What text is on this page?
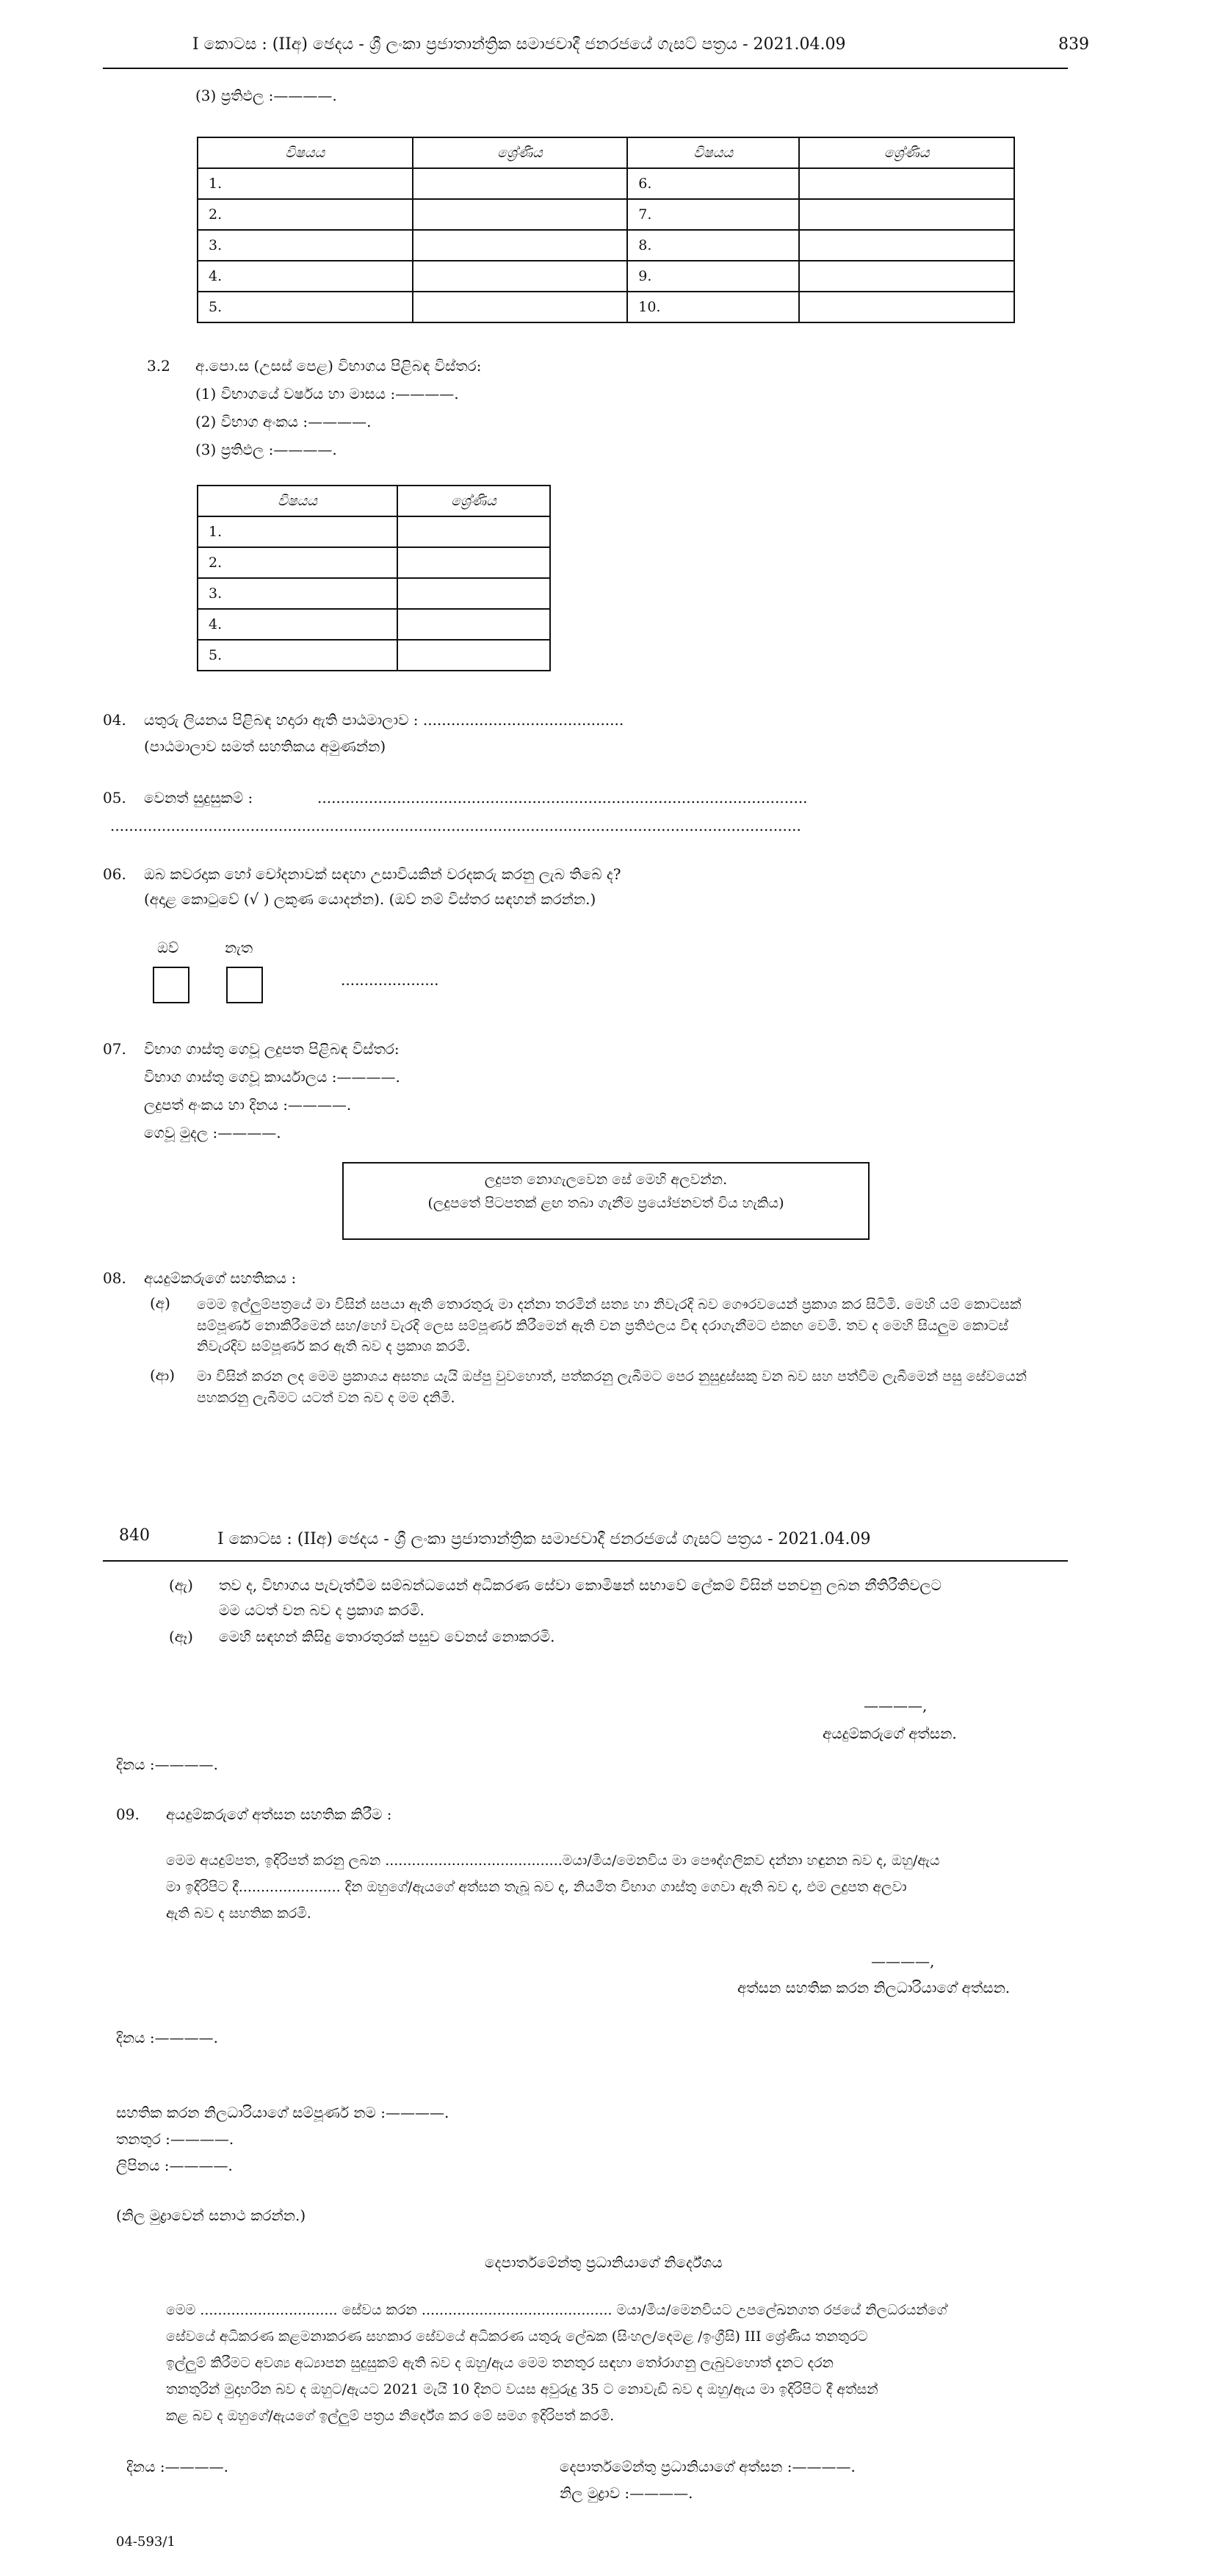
I කොටස : (IIඅ) ඡෙදය - ශ්‍රී ලංකා ප්‍රජාතාන්ත්‍රික සමාජවාදී ජනරජයේ ගැසට් පත්‍රය - 2021.04.09	839
(3) ප්‍රතිඵල :————.
විෂයය	ශ්‍රේණිය	විෂයය	ශ්‍රේණිය
1.		6.	
2.		7.	
3.		8.	
4.		9.	
5.		10.	
3.2 අ.පො.ස (උසස් පෙළ) විභාගය පිළිබඳ විස්තර:
(1) විභාගයේ වර්ෂය හා මාසය :————.
(2) විභාග අංකය :————.
(3) ප්‍රතිඵල :————.
විෂයය	ශ්‍රේණිය
1.	
2.	
3.	
4.	
5.	
04. යතුරු ලියනය පිළිබඳ හදාරා ඇති පාඨමාලාව : ...........................................
(පාඨමාලාව සමත් සහතිකය අමුණන්න)
05. වෙනත් සුදුසුකම් :	.........................................................................................................
....................................................................................................................................................
06. ඔබ කවරදාක හෝ චෝදනාවක් සඳහා උසාවියකින් වරදකරු කරනු ලැබ තිබේ ද?
(අදාළ කොටුවේ (√ ) ලකුණ යොදන්න). (ඔව් නම් විස්තර සඳහන් කරන්න.)
ඔව්	නැත
.....................
07. විභාග ගාස්තු ගෙවූ ලදුපත පිළිබඳ විස්තර:
විභාග ගාස්තු ගෙවූ කාර්යාලය :————.
ලදුපත් අංකය හා දිනය :————.
ගෙවූ මුදල :————.
ලදුපත නොගැලවෙන සේ මෙහි අලවන්න.
(ලදුපතේ පිටපතක් ළඟ තබා ගැනීම ප්‍රයෝජනවත් විය හැකිය)
08. අයදුම්කරුගේ සහතිකය :
(අ) මෙම ඉල්ලුම්පත්‍රයේ මා විසින් සපයා ඇති තොරතුරු මා දන්නා තරමින් සත්‍ය හා නිවැරදි බව ගෞරවයෙන් ප්‍රකාශ කර සිටිමි. මෙහි යම් කොටසක් සම්පූර්ණ නොකිරීමෙන් සහ/හෝ වැරදි ලෙස සම්පූර්ණ කිරීමෙන් ඇති වන ප්‍රතිඵලය විඳ දරාගැනීමට එකඟ වෙමි. තව ද මෙහි සියලුම කොටස් නිවැරදිව සම්පූර්ණ කර ඇති බව ද ප්‍රකාශ කරමි.
(ආ) මා විසින් කරන ලද මෙම ප්‍රකාශය අසත්‍ය යැයි ඔප්පු වුවහොත්, පත්කරනු ලැබීමට පෙර නුසුදුස්සකු වන බව සහ පත්වීම ලැබීමෙන් පසු සේවයෙන් පහකරනු ලැබීමට යටත් වන බව ද මම දනිමි.
840	I කොටස : (IIඅ) ඡෙදය - ශ්‍රී ලංකා ප්‍රජාතාන්ත්‍රික සමාජවාදී ජනරජයේ ගැසට් පත්‍රය - 2021.04.09
(ඇ) තව ද, විභාගය පැවැත්වීම සම්බන්ධයෙන් අධිකරණ සේවා කොමිෂන් සභාවේ ලේකම් විසින් පනවනු ලබන නීතිරීතිවලට
මම යටත් වන බව ද ප්‍රකාශ කරමි.
(ඈ) මෙහි සඳහන් කිසිදු තොරතුරක් පසුව වෙනස් නොකරමි.
————,
අයදුම්කරුගේ අත්සන.
දිනය :————.
09. අයදුම්කරුගේ අත්සන සහතික කිරීම :
මෙම අයදුම්පත, ඉදිරිපත් කරනු ලබන ........................................මයා/මිය/මෙනවිය මා පෞද්ගලිකව දන්නා හඳුනන බව ද, ඔහු/ඇය
මා ඉදිරිපිට දී....................... දින ඔහුගේ/ඇයගේ අත්සන තැබූ බව ද, නියමිත විභාග ගාස්තු ගෙවා ඇති බව ද, එම ලදුපත අලවා
ඇති බව ද සහතික කරමි.
————,
අත්සන සහතික කරන නිලධාරියාගේ අත්සන.
දිනය :————.
සහතික කරන නිලධාරියාගේ සම්පූර්ණ නම :————.
තනතුර :————.
ලිපිනය :————.
(නිල මුද්‍රාවෙන් සනාථ කරන්න.)
දෙපාර්තමේන්තු ප්‍රධානියාගේ නිර්දේශය
මෙම ............................... සේවය කරන ........................................... මයා/මිය/මෙනවියට උපලේඛනගත රජයේ නිලධරයන්ගේ
සේවයේ අධිකරණ කළමනාකරණ සහකාර සේවයේ අධිකරණ යතුරු ලේඛක (සිංහල/දෙමළ /ඉංග්‍රීසි) III ශ්‍රේණිය තනතුරට
ඉල්ලුම් කිරීමට අවශ්‍ය අධ්‍යාපන සුදුසුකම් ඇති බව ද ඔහු/ඇය මෙම තනතුර සඳහා තෝරාගනු ලැබුවහොත් දැනට දරන
තනතුරින් මුදාහරින බව ද ඔහුට/ඇයට 2021 මැයි 10 දිනට වයස අවුරුදු 35 ට නොවැඩි බව ද ඔහු/ඇය මා ඉදිරිපිට දී අත්සන්
කළ බව ද ඔහුගේ/ඇයගේ ඉල්ලුම් පත්‍රය නිර්දේශ කර මේ සමග ඉදිරිපත් කරමි.
දිනය :————.	දෙපාර්තමේන්තු ප්‍රධානියාගේ අත්සන :————.
නිල මුද්‍රාව :————.
04-593/1
